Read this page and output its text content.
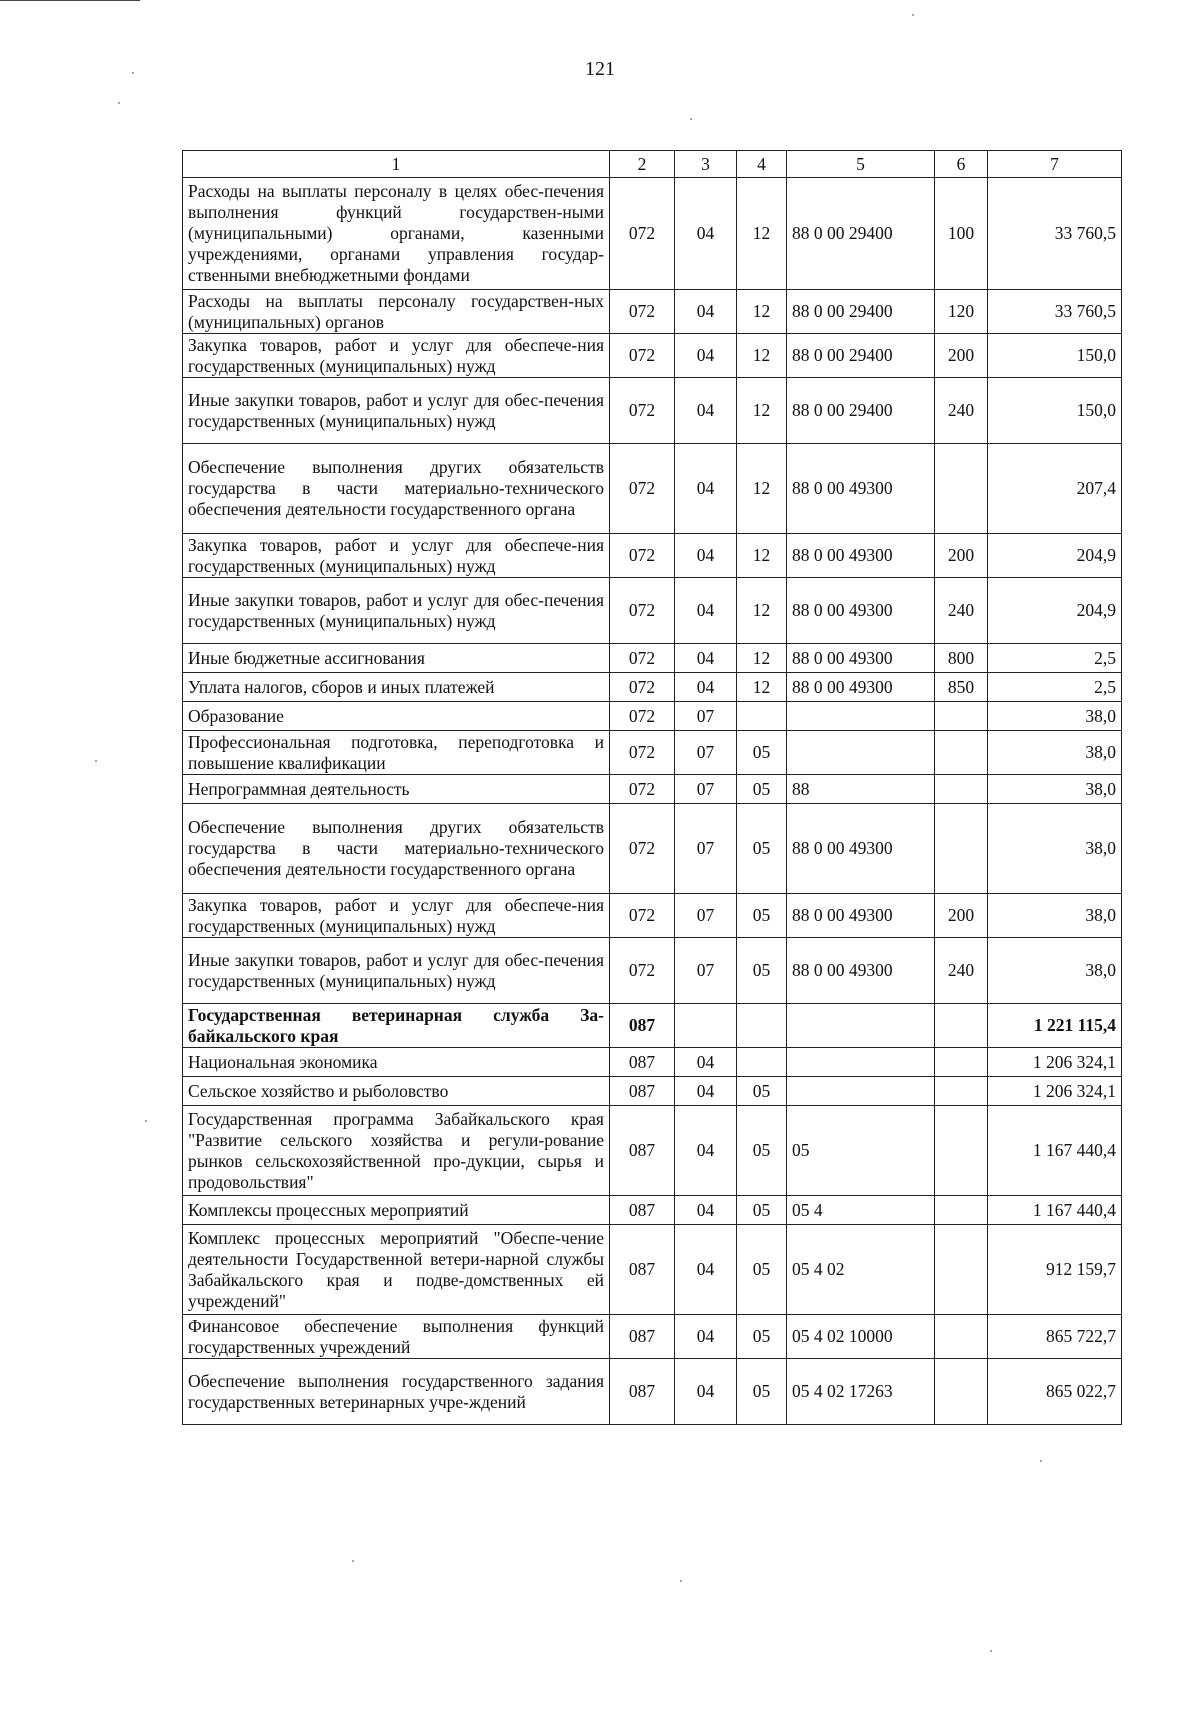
121
1	2	3	4	5	6	7
Расходы на выплаты персоналу в целях обес-печения выполнения функций государствен-ными (муниципальными) органами, казенными учреждениями, органами управления государ-ственными внебюджетными фондами	072	04	12	88 0 00 29400	100	33 760,5
Расходы на выплаты персоналу государствен-ных (муниципальных) органов	072	04	12	88 0 00 29400	120	33 760,5
Закупка товаров, работ и услуг для обеспече-ния государственных (муниципальных) нужд	072	04	12	88 0 00 29400	200	150,0
Иные закупки товаров, работ и услуг для обес-печения государственных (муниципальных) нужд	072	04	12	88 0 00 29400	240	150,0
Обеспечение выполнения других обязательств государства в части материально-технического обеспечения деятельности государственного органа	072	04	12	88 0 00 49300		207,4
Закупка товаров, работ и услуг для обеспече-ния государственных (муниципальных) нужд	072	04	12	88 0 00 49300	200	204,9
Иные закупки товаров, работ и услуг для обес-печения государственных (муниципальных) нужд	072	04	12	88 0 00 49300	240	204,9
Иные бюджетные ассигнования	072	04	12	88 0 00 49300	800	2,5
Уплата налогов, сборов и иных платежей	072	04	12	88 0 00 49300	850	2,5
Образование	072	07				38,0
Профессиональная подготовка, переподготовка и повышение квалификации	072	07	05			38,0
Непрограммная деятельность	072	07	05	88		38,0
Обеспечение выполнения других обязательств государства в части материально-технического обеспечения деятельности государственного органа	072	07	05	88 0 00 49300		38,0
Закупка товаров, работ и услуг для обеспече-ния государственных (муниципальных) нужд	072	07	05	88 0 00 49300	200	38,0
Иные закупки товаров, работ и услуг для обес-печения государственных (муниципальных) нужд	072	07	05	88 0 00 49300	240	38,0
Государственная ветеринарная служба За-байкальского края	087					1 221 115,4
Национальная экономика	087	04				1 206 324,1
Сельское хозяйство и рыболовство	087	04	05			1 206 324,1
Государственная программа Забайкальского края "Развитие сельского хозяйства и регули-рование рынков сельскохозяйственной про-дукции, сырья и продовольствия"	087	04	05	05		1 167 440,4
Комплексы процессных мероприятий	087	04	05	05 4		1 167 440,4
Комплекс процессных мероприятий "Обеспе-чение деятельности Государственной ветери-нарной службы Забайкальского края и подве-домственных ей учреждений"	087	04	05	05 4 02		912 159,7
Финансовое обеспечение выполнения функций государственных учреждений	087	04	05	05 4 02 10000		865 722,7
Обеспечение выполнения государственного задания государственных ветеринарных учре-ждений	087	04	05	05 4 02 17263		865 022,7
